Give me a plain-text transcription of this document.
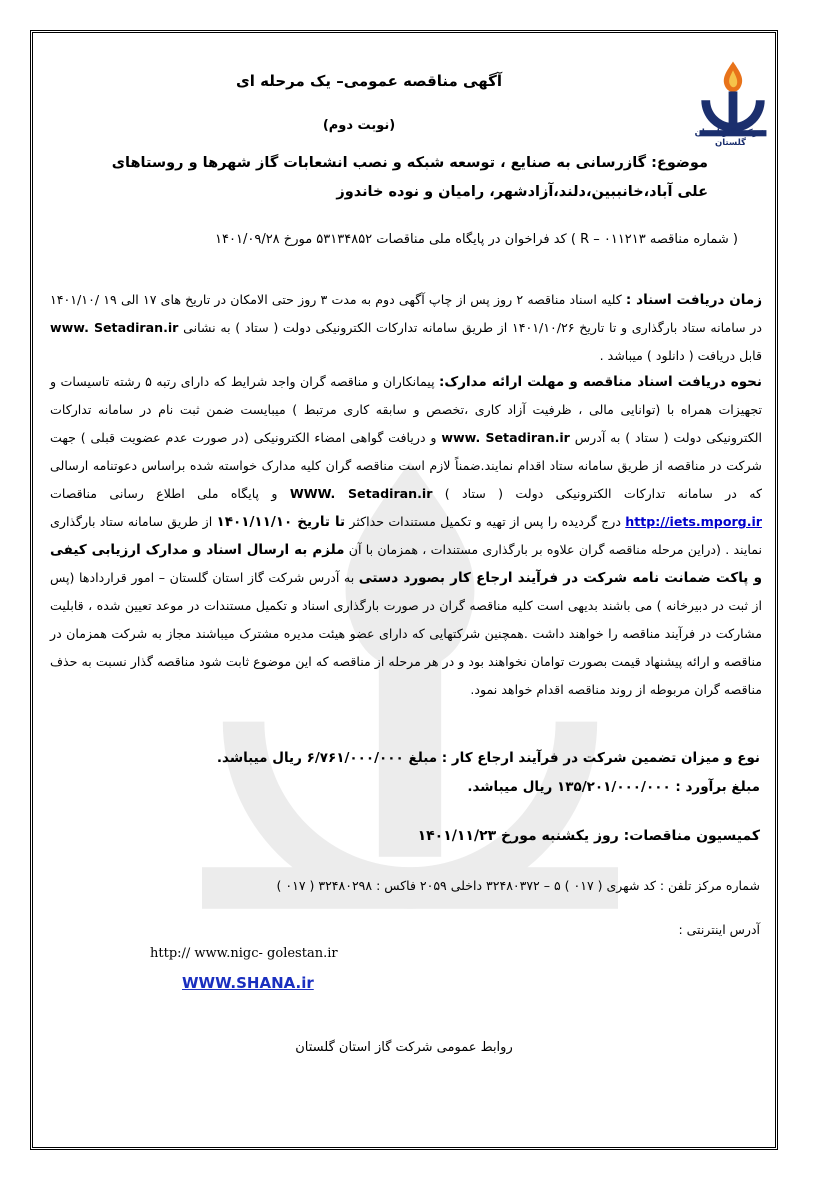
شرکت گاز استان گلستان
آگهی مناقصه عمومی– یک مرحله ای
(نوبت دوم)
موضوع: گازرسانی به صنایع ، توسعه شبکه و نصب انشعابات گاز شهرها و روستاهای
علی آباد،خانببین،دلند،آزادشهر، رامیان و نوده خاندوز
( شماره مناقصه R – ۰۱۱۲۱۳ ) کد فراخوان در پایگاه ملی مناقصات ۵۳۱۳۴۸۵۲ مورخ ۱۴۰۱/۰۹/۲۸
زمان دریافت اسناد : کلیه اسناد مناقصه ۲ روز پس از چاپ آگهی دوم به مدت ۳ روز حتی الامکان در تاریخ های ۱۷ الی ۱۹ /۱۴۰۱/۱۰ در سامانه ستاد بارگذاری و تا تاریخ ۱۴۰۱/۱۰/۲۶ از طریق سامانه تدارکات الکترونیکی دولت ( ستاد ) به نشانی www. Setadiran.ir قابل دریافت ( دانلود ) میباشد .
نحوه دریافت اسناد مناقصه و مهلت ارائه مدارک: پیمانکاران و مناقصه گران واجد شرایط که دارای رتبه ۵ رشته تاسیسات و تجهیزات همراه با (توانایی مالی ، ظرفیت آزاد کاری ،تخصص و سابقه کاری مرتبط ) میبایست ضمن ثبت نام در سامانه تدارکات الکترونیکی دولت ( ستاد ) به آدرس www. Setadiran.ir و دریافت گواهی امضاء الکترونیکی (در صورت عدم عضویت قبلی ) جهت شرکت در مناقصه از طریق سامانه ستاد اقدام نمایند.ضمناً لازم است مناقصه گران کلیه مدارک خواسته شده براساس دعوتنامه ارسالی که در سامانه تدارکات الکترونیکی دولت ( ستاد ) WWW. Setadiran.ir و پایگاه ملی اطلاع رسانی مناقصات http://iets.mporg.ir درج گردیده را پس از تهیه و تکمیل مستندات حداکثر تا تاریخ ۱۴۰۱/۱۱/۱۰ از طریق سامانه ستاد بارگذاری نمایند . (دراین مرحله مناقصه گران علاوه بر بارگذاری مستندات ، همزمان با آن ملزم به ارسال اسناد و مدارک ارزیابی کیفی و پاکت ضمانت نامه شرکت در فرآیند ارجاع کار بصورد دستی به آدرس شرکت گاز استان گلستان – امور قراردادها (پس از ثبت در دبیرخانه ) می باشند بدیهی است کلیه مناقصه گران در صورت بارگذاری اسناد و تکمیل مستندات در موعد تعیین شده ، قابلیت مشارکت در فرآیند مناقصه را خواهند داشت .همچنین شرکتهایی که دارای عضو هیئت مدیره مشترک میباشند مجاز به شرکت همزمان در مناقصه و ارائه پیشنهاد قیمت بصورت توامان نخواهند بود و در هر مرحله از مناقصه که این موضوع ثابت شود مناقصه گذار نسبت به حذف مناقصه گران مربوطه از روند مناقصه اقدام خواهد نمود.
نوع و میزان تضمین شرکت در فرآیند ارجاع کار : مبلغ ۶/۷۶۱/۰۰۰/۰۰۰ ریال میباشد.
مبلغ برآورد : ۱۳۵/۲۰۱/۰۰۰/۰۰۰ ریال میباشد.
کمیسیون مناقصات: روز یکشنبه مورخ ۱۴۰۱/۱۱/۲۳
شماره مرکز تلفن : کد شهری ( ۰۱۷ ) ۵ – ۳۲۴۸۰۳۷۲ داخلی ۲۰۵۹ فاکس : ۳۲۴۸۰۲۹۸ ( ۰۱۷ )
آدرس اینترنتی :
http:// www.nigc- golestan.ir
WWW.SHANA.ir
روابط عمومی شرکت گاز استان گلستان
